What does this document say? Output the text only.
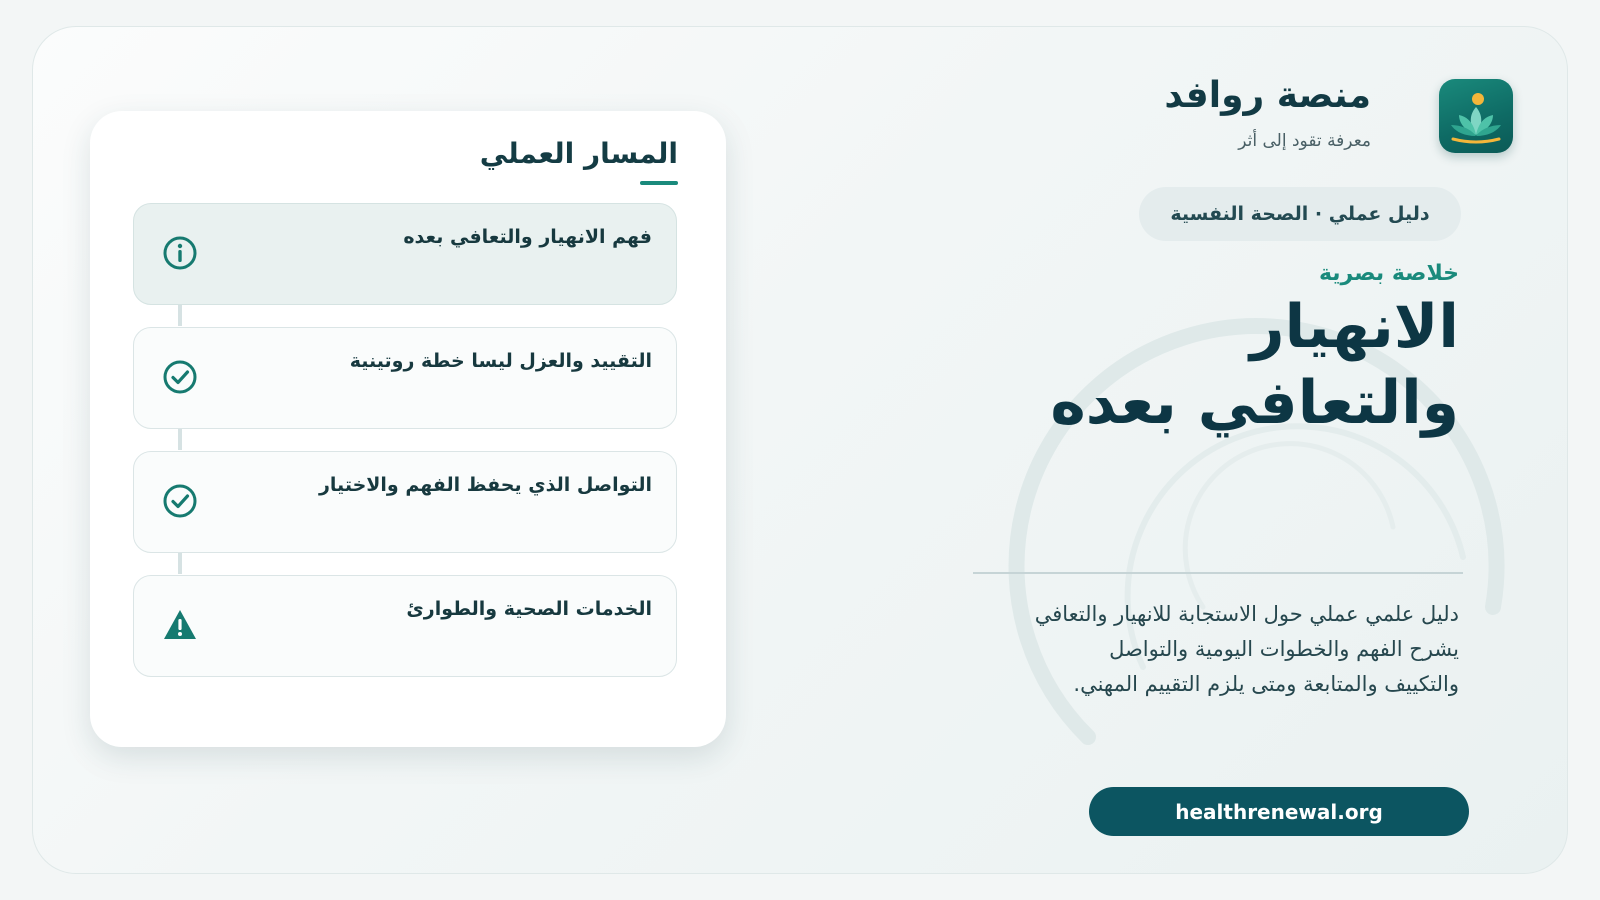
منصة روافد
معرفة تقود إلى أثر
دليل عملي · الصحة النفسية
خلاصة بصرية
الانهيار
والتعافي بعده
دليل علمي عملي حول الاستجابة للانهيار والتعافي يشرح الفهم والخطوات اليومية والتواصل والتكييف والمتابعة ومتى يلزم التقييم المهني.
healthrenewal.org
المسار العملي
فهم الانهيار والتعافي بعده
التقييد والعزل ليسا خطة روتينية
التواصل الذي يحفظ الفهم والاختيار
الخدمات الصحية والطوارئ
